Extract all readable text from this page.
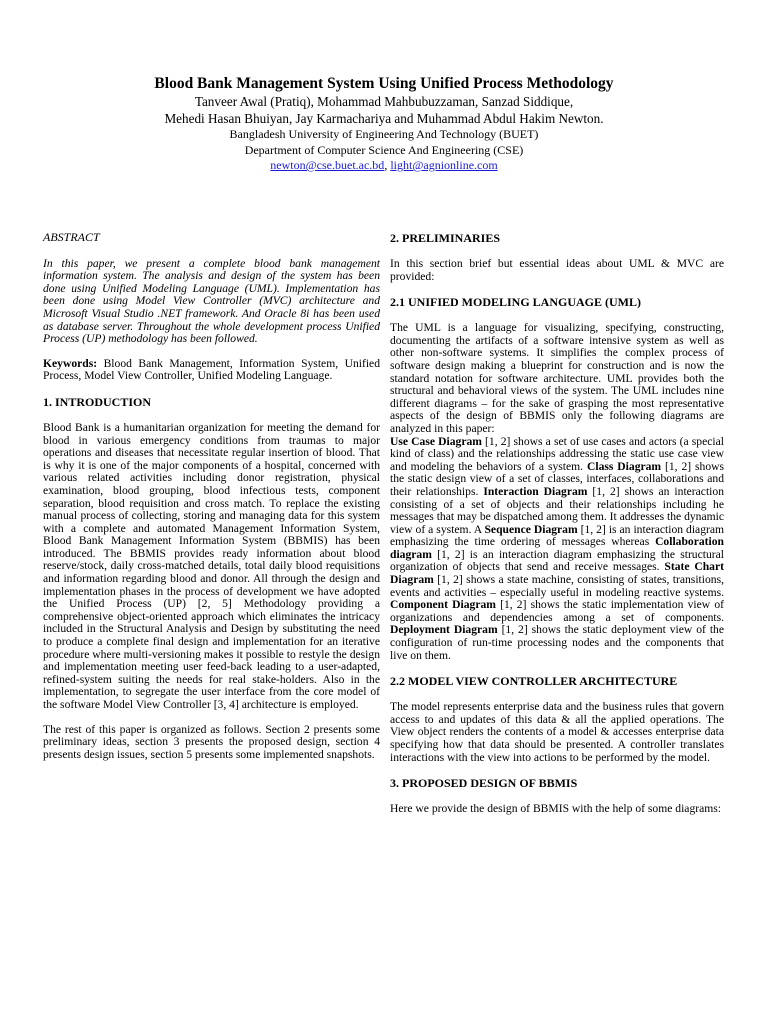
Blood Bank Management System Using Unified Process Methodology
Tanveer Awal (Pratiq), Mohammad Mahbubuzzaman, Sanzad Siddique,
Mehedi Hasan Bhuiyan, Jay Karmachariya and Muhammad Abdul Hakim Newton.
Bangladesh University of Engineering And Technology (BUET)
Department of Computer Science And Engineering (CSE)
newton@cse.buet.ac.bd, light@agnionline.com
ABSTRACT

In this paper, we present a complete blood bank management information system. The analysis and design of the system has been done using Unified Modeling Language (UML). Implementation has been done using Model View Controller (MVC) architecture and Microsoft Visual Studio .NET framework. And Oracle 8i has been used as database server. Throughout the whole development process Unified Process (UP) methodology has been followed.

Keywords: Blood Bank Management, Information System, Unified Process, Model View Controller, Unified Modeling Language.

1. INTRODUCTION

Blood Bank is a humanitarian organization for meeting the demand for blood in various emergency conditions from traumas to major operations and diseases that necessitate regular insertion of blood. That is why it is one of the major components of a hospital, concerned with various related activities including donor registration, physical examination, blood grouping, blood infectious tests, component separation, blood requisition and cross match. To replace the existing manual process of collecting, storing and managing data for this system with a complete and automated Management Information System, Blood Bank Management Information System (BBMIS) has been introduced. The BBMIS provides ready information about blood reserve/stock, daily cross-matched details, total daily blood requisitions and information regarding blood and donor. All through the design and implementation phases in the process of development we have adopted the Unified Process (UP) [2, 5] Methodology providing a comprehensive object-oriented approach which eliminates the intricacy included in the Structural Analysis and Design by substituting the need to produce a complete final design and implementation for an iterative procedure where multi-versioning makes it possible to restyle the design and implementation meeting user feed-back leading to a user-adapted, refined-system suiting the needs for real stake-holders. Also in the implementation, to segregate the user interface from the core model of the software Model View Controller [3, 4] architecture is employed.

The rest of this paper is organized as follows. Section 2 presents some preliminary ideas, section 3 presents the proposed design, section 4 presents design issues, section 5 presents some implemented snapshots.

2. PRELIMINARIES

In this section brief but essential ideas about UML & MVC are provided:

2.1 UNIFIED MODELING LANGUAGE (UML)

The UML is a language for visualizing, specifying, constructing, documenting the artifacts of a software intensive system as well as other non-software systems. It simplifies the complex process of software design making a blueprint for construction and is now the standard notation for software architecture. UML provides both the structural and behavioral views of the system. The UML includes nine different diagrams – for the sake of grasping the most representative aspects of the design of BBMIS only the following diagrams are analyzed in this paper:

Use Case Diagram [1, 2] shows a set of use cases and actors (a special kind of class) and the relationships addressing the static use case view and modeling the behaviors of a system. Class Diagram [1, 2] shows the static design view of a set of classes, interfaces, collaborations and their relationships. Interaction Diagram [1, 2] shows an interaction consisting of a set of objects and their relationships including he messages that may be dispatched among them. It addresses the dynamic view of a system. A Sequence Diagram [1, 2] is an interaction diagram emphasizing the time ordering of messages whereas Collaboration diagram [1, 2] is an interaction diagram emphasizing the structural organization of objects that send and receive messages. State Chart Diagram [1, 2] shows a state machine, consisting of states, transitions, events and activities – especially useful in modeling reactive systems. Component Diagram [1, 2] shows the static implementation view of organizations and dependencies among a set of components. Deployment Diagram [1, 2] shows the static deployment view of the configuration of run-time processing nodes and the components that live on them.

2.2 MODEL VIEW CONTROLLER ARCHITECTURE

The model represents enterprise data and the business rules that govern access to and updates of this data & all the applied operations. The View object renders the contents of a model & accesses enterprise data specifying how that data should be presented. A controller translates interactions with the view into actions to be performed by the model.

3. PROPOSED DESIGN OF BBMIS

Here we provide the design of BBMIS with the help of some diagrams:
